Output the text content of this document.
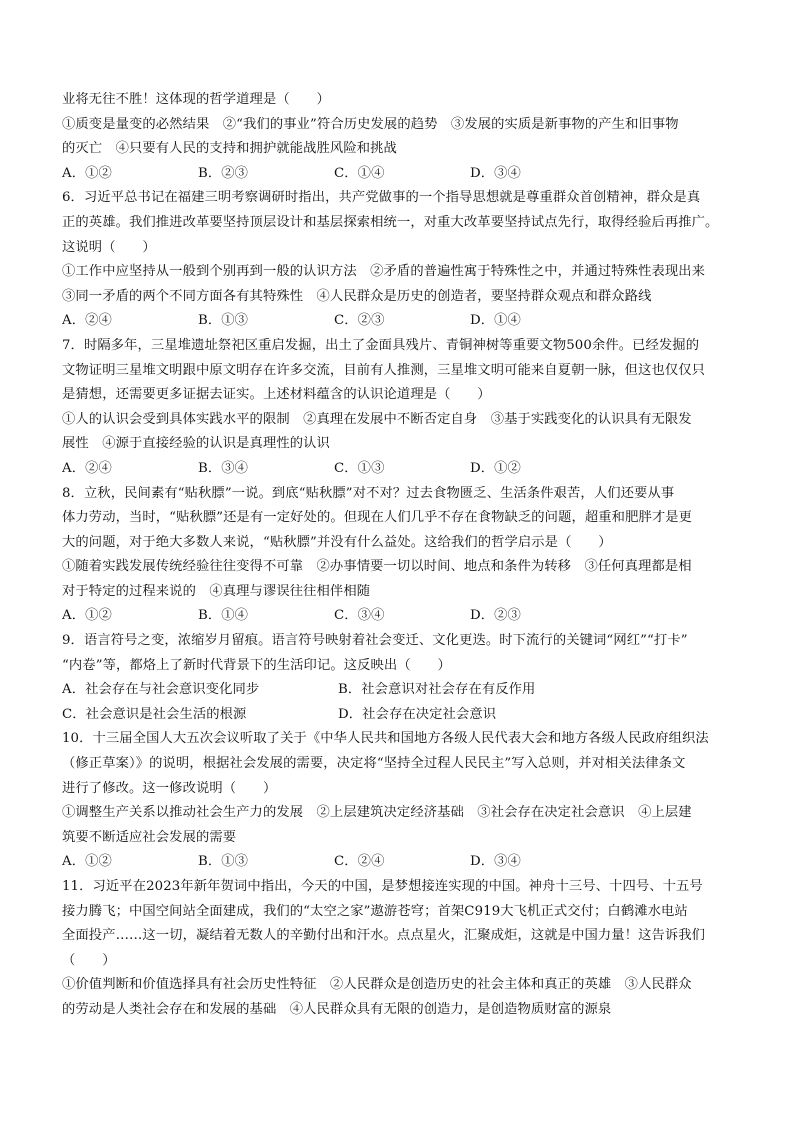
业将无往不胜！这体现的哲学道理是（　　）
①质变是量变的必然结果　②“我们的事业”符合历史发展的趋势　③发展的实质是新事物的产生和旧事物
的灭亡　④只要有人民的支持和拥护就能战胜风险和挑战
A．①②	B．②③	C．①④	D．③④
6．习近平总书记在福建三明考察调研时指出，共产党做事的一个指导思想就是尊重群众首创精神，群众是真
正的英雄。我们推进改革要坚持顶层设计和基层探索相统一，对重大改革要坚持试点先行，取得经验后再推广。
这说明（　　）
①工作中应坚持从一般到个别再到一般的认识方法　②矛盾的普遍性寓于特殊性之中，并通过特殊性表现出来
③同一矛盾的两个不同方面各有其特殊性　④人民群众是历史的创造者，要坚持群众观点和群众路线
A．②④	B．①③	C．②③	D．①④
7．时隔多年，三星堆遗址祭祀区重启发掘，出土了金面具残片、青铜神树等重要文物500余件。已经发掘的
文物证明三星堆文明跟中原文明存在许多交流，目前有人推测，三星堆文明可能来自夏朝一脉，但这也仅仅只
是猜想，还需要更多证据去证实。上述材料蕴含的认识论道理是（　　）
①人的认识会受到具体实践水平的限制　②真理在发展中不断否定自身　③基于实践变化的认识具有无限发
展性　④源于直接经验的认识是真理性的认识
A．②④	B．③④	C．①③	D．①②
8．立秋，民间素有“贴秋膘”一说。到底“贴秋膘”对不对？过去食物匮乏、生活条件艰苦，人们还要从事
体力劳动，当时，“贴秋膘”还是有一定好处的。但现在人们几乎不存在食物缺乏的问题，超重和肥胖才是更
大的问题，对于绝大多数人来说，“贴秋膘”并没有什么益处。这给我们的哲学启示是（　　）
①随着实践发展传统经验往往变得不可靠　②办事情要一切以时间、地点和条件为转移　③任何真理都是相
对于特定的过程来说的　④真理与谬误往往相伴相随
A．①②	B．①④	C．③④	D．②③
9．语言符号之变，浓缩岁月留痕。语言符号映射着社会变迁、文化更迭。时下流行的关键词“网红”“打卡”
“内卷”等，都烙上了新时代背景下的生活印记。这反映出（　　）
A．社会存在与社会意识变化同步	B．社会意识对社会存在有反作用
C．社会意识是社会生活的根源	D．社会存在决定社会意识
10．十三届全国人大五次会议听取了关于《中华人民共和国地方各级人民代表大会和地方各级人民政府组织法
（修正草案）》的说明，根据社会发展的需要，决定将“坚持全过程人民民主”写入总则，并对相关法律条文
进行了修改。这一修改说明（　　）
①调整生产关系以推动社会生产力的发展　②上层建筑决定经济基础　③社会存在决定社会意识　④上层建
筑要不断适应社会发展的需要
A．①②	B．①③	C．②④	D．③④
11．习近平在2023年新年贺词中指出，今天的中国，是梦想接连实现的中国。神舟十三号、十四号、十五号
接力腾飞；中国空间站全面建成，我们的“太空之家”遨游苍穹；首架C919大飞机正式交付；白鹤滩水电站
全面投产……这一切，凝结着无数人的辛勤付出和汗水。点点星火，汇聚成炬，这就是中国力量！这告诉我们
（　　）
①价值判断和价值选择具有社会历史性特征　②人民群众是创造历史的社会主体和真正的英雄　③人民群众
的劳动是人类社会存在和发展的基础　④人民群众具有无限的创造力，是创造物质财富的源泉
